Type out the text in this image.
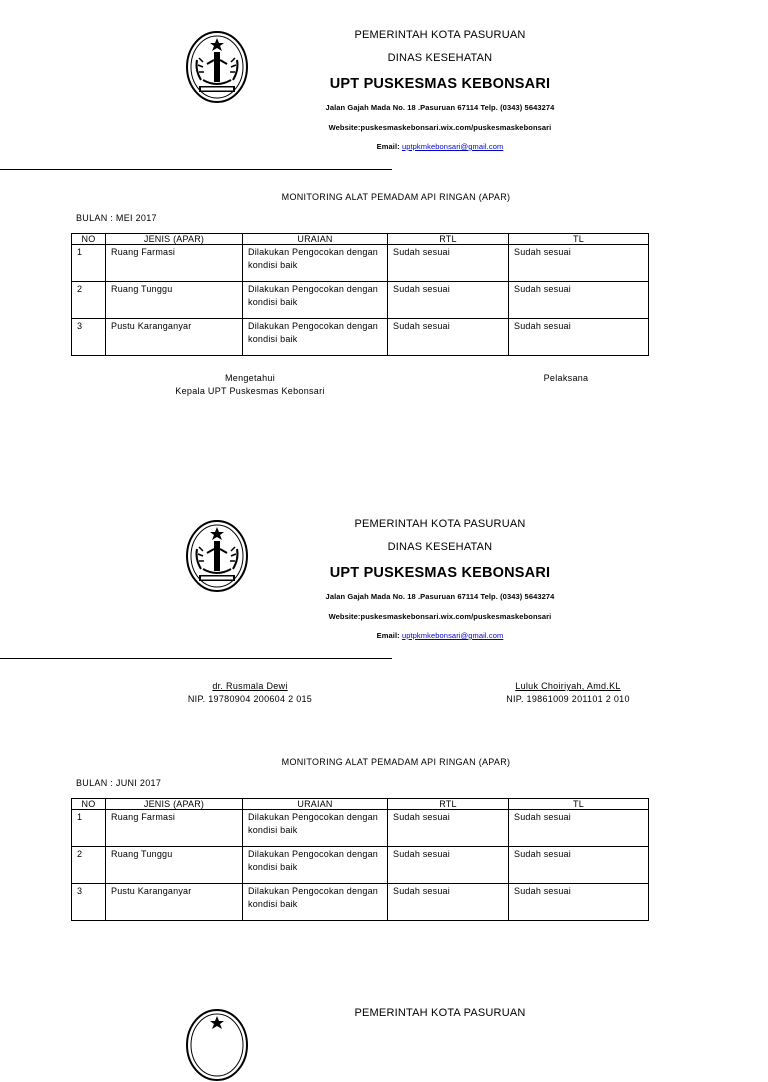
PEMERINTAH KOTA PASURUAN
DINAS KESEHATAN
UPT PUSKESMAS KEBONSARI
Jalan Gajah Mada No. 18 .Pasuruan 67114 Telp. (0343) 5643274
Website:puskesmaskebonsari.wix.com/puskesmaskebonsari
Email: uptpkmkebonsari@gmail.com
MONITORING ALAT PEMADAM API RINGAN (APAR)
BULAN : MEI 2017
NO	JENIS (APAR)	URAIAN	RTL	TL
1	Ruang Farmasi	Dilakukan Pengocokan dengan kondisi baik	Sudah sesuai	Sudah sesuai
2	Ruang Tunggu	Dilakukan Pengocokan dengan kondisi baik	Sudah sesuai	Sudah sesuai
3	Pustu Karanganyar	Dilakukan Pengocokan dengan kondisi baik	Sudah sesuai	Sudah sesuai
Mengetahui
Kepala UPT Puskesmas Kebonsari
Pelaksana
PEMERINTAH KOTA PASURUAN
DINAS KESEHATAN
UPT PUSKESMAS KEBONSARI
Jalan Gajah Mada No. 18 .Pasuruan 67114 Telp. (0343) 5643274
Website:puskesmaskebonsari.wix.com/puskesmaskebonsari
Email: uptpkmkebonsari@gmail.com
dr. Rusmala Dewi
NIP. 19780904 200604 2 015
Luluk Choiriyah, Amd.KL
NIP. 19861009 201101 2 010
MONITORING ALAT PEMADAM API RINGAN (APAR)
BULAN : JUNI 2017
NO	JENIS (APAR)	URAIAN	RTL	TL
1	Ruang Farmasi	Dilakukan Pengocokan dengan kondisi baik	Sudah sesuai	Sudah sesuai
2	Ruang Tunggu	Dilakukan Pengocokan dengan kondisi baik	Sudah sesuai	Sudah sesuai
3	Pustu Karanganyar	Dilakukan Pengocokan dengan kondisi baik	Sudah sesuai	Sudah sesuai
PEMERINTAH KOTA PASURUAN
